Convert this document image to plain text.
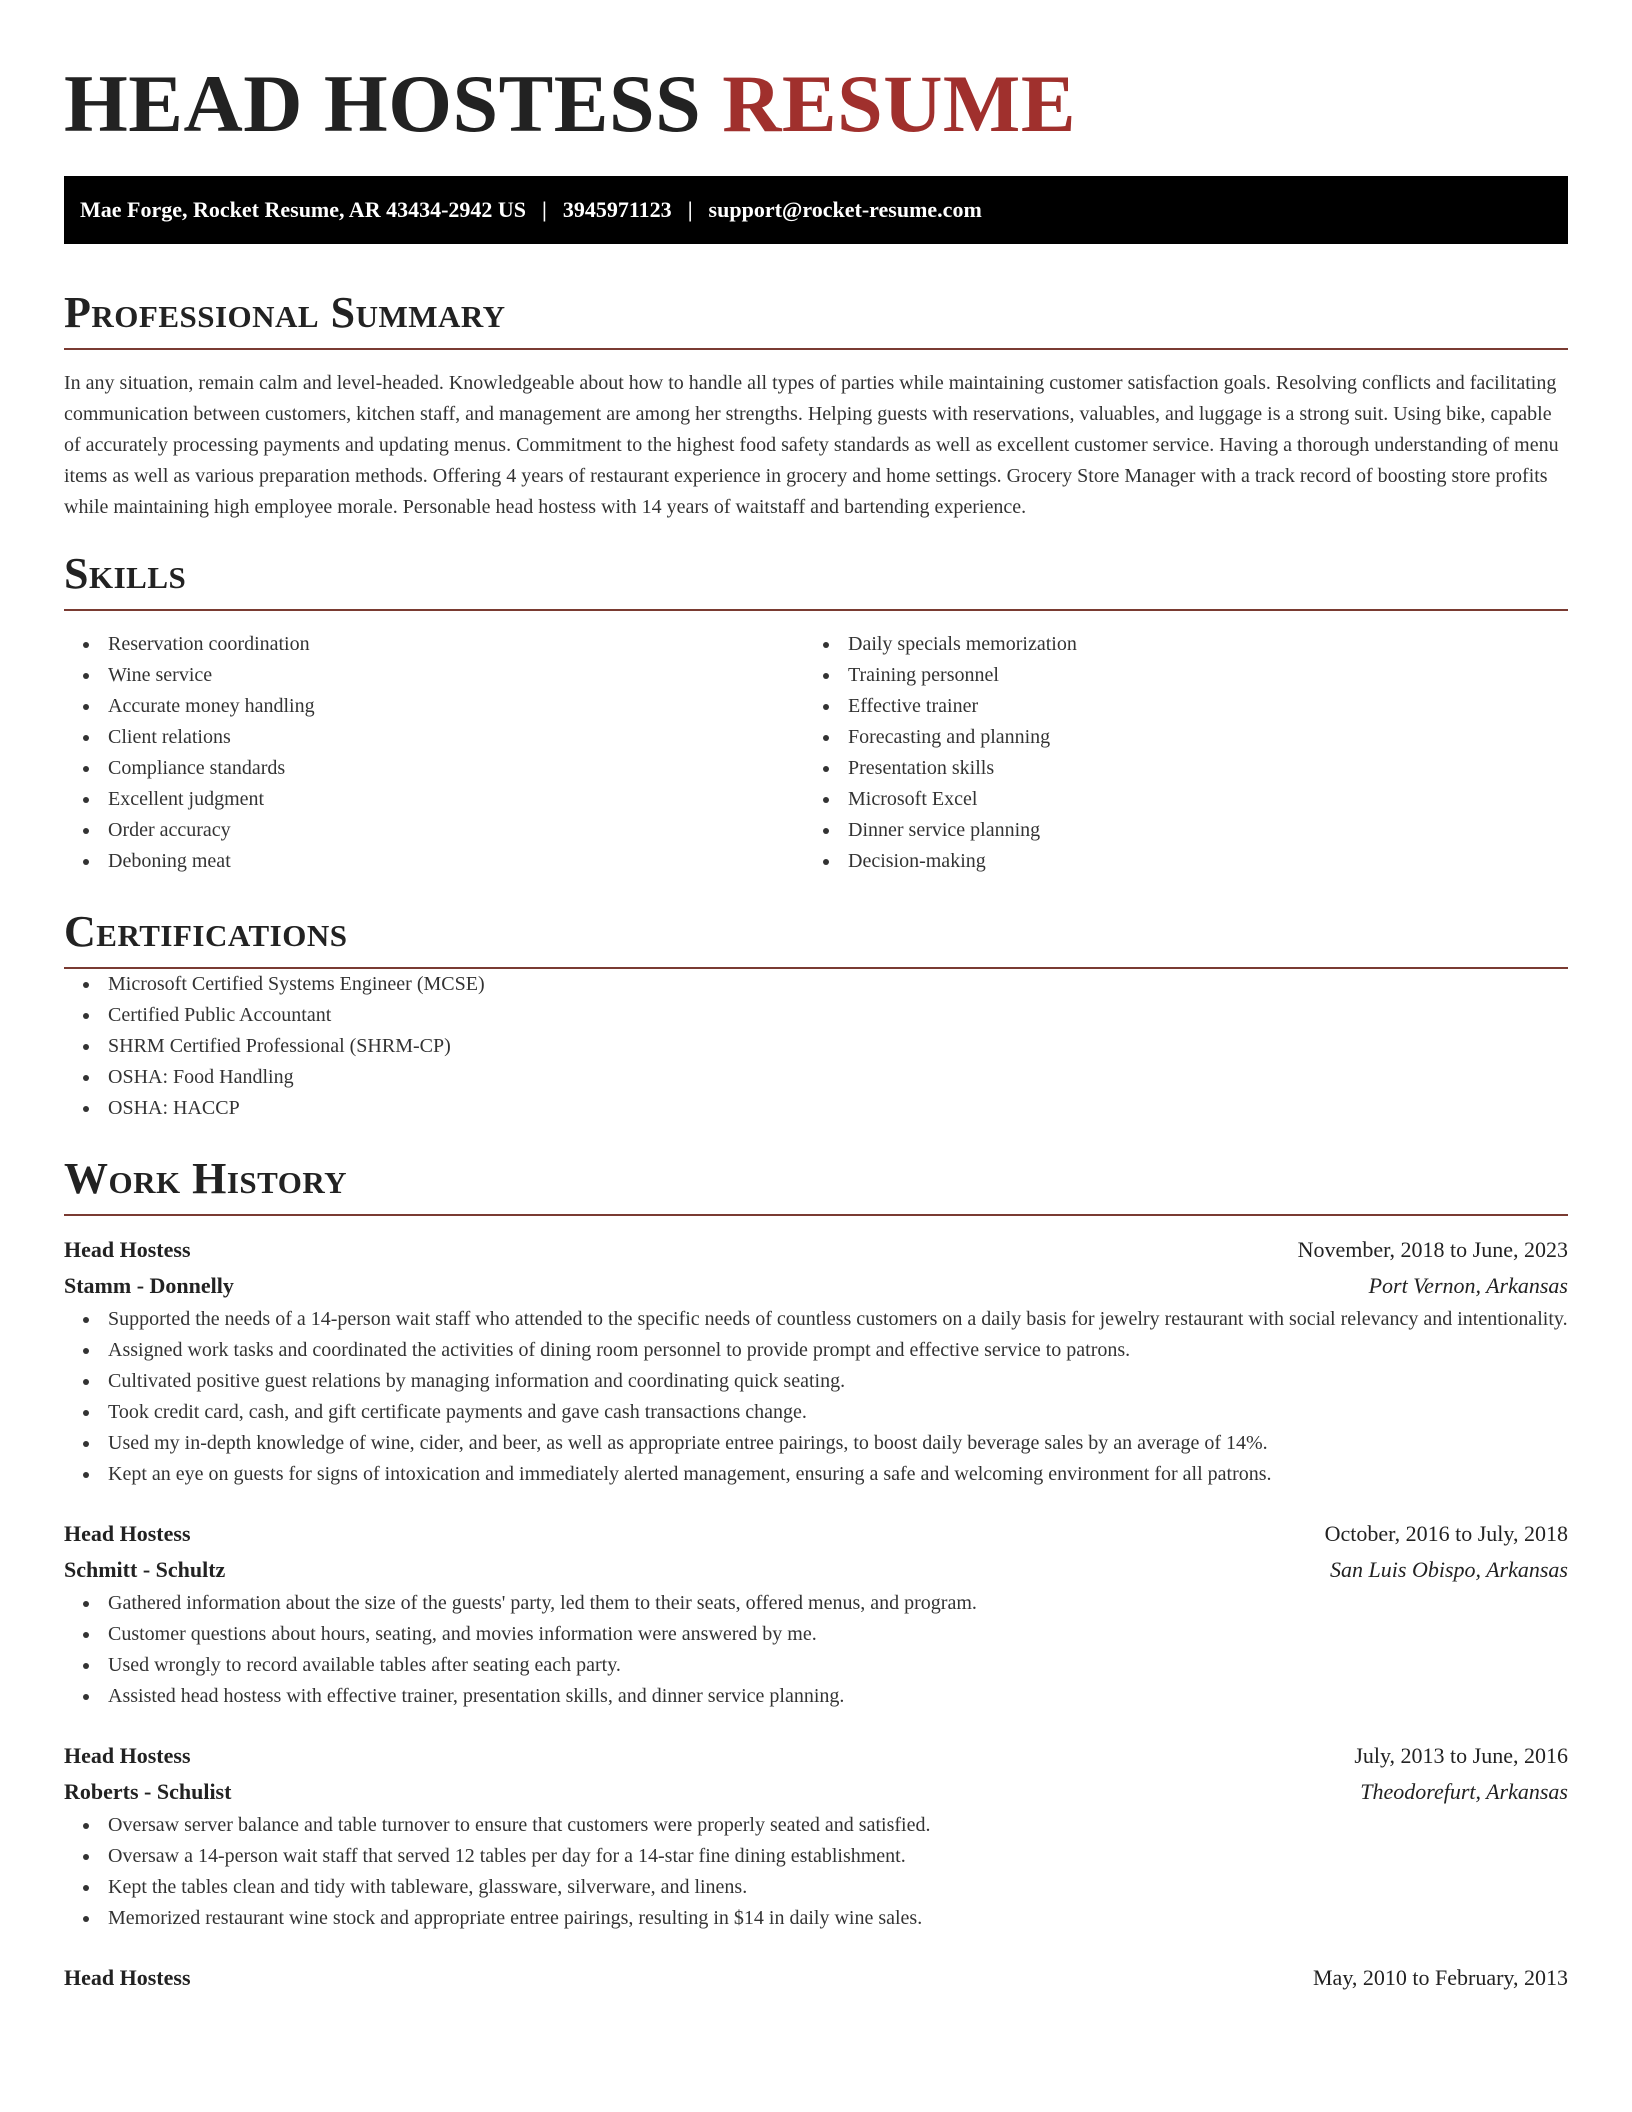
HEAD HOSTESS RESUME
Mae Forge, Rocket Resume, AR 43434-2942 US | 3945971123 | support@rocket-resume.com
Professional Summary

In any situation, remain calm and level-headed. Knowledgeable about how to handle all types of parties while maintaining customer satisfaction goals. Resolving conflicts and facilitating communication between customers, kitchen staff, and management are among her strengths. Helping guests with reservations, valuables, and luggage is a strong suit. Using bike, capable of accurately processing payments and updating menus. Commitment to the highest food safety standards as well as excellent customer service. Having a thorough understanding of menu items as well as various preparation methods. Offering 4 years of restaurant experience in grocery and home settings. Grocery Store Manager with a track record of boosting store profits while maintaining high employee morale. Personable head hostess with 14 years of waitstaff and bartending experience.

Skills
Reservation coordination
Wine service
Accurate money handling
Client relations
Compliance standards
Excellent judgment
Order accuracy
Deboning meat
Daily specials memorization
Training personnel
Effective trainer
Forecasting and planning
Presentation skills
Microsoft Excel
Dinner service planning
Decision-making
Certifications
Microsoft Certified Systems Engineer (MCSE)
Certified Public Accountant
SHRM Certified Professional (SHRM-CP)
OSHA: Food Handling
OSHA: HACCP
Work History
Head Hostess	November, 2018 to June, 2023
Stamm - Donnelly	Port Vernon, Arkansas
Supported the needs of a 14-person wait staff who attended to the specific needs of countless customers on a daily basis for jewelry restaurant with social relevancy and intentionality.
Assigned work tasks and coordinated the activities of dining room personnel to provide prompt and effective service to patrons.
Cultivated positive guest relations by managing information and coordinating quick seating.
Took credit card, cash, and gift certificate payments and gave cash transactions change.
Used my in-depth knowledge of wine, cider, and beer, as well as appropriate entree pairings, to boost daily beverage sales by an average of 14%.
Kept an eye on guests for signs of intoxication and immediately alerted management, ensuring a safe and welcoming environment for all patrons.
Head Hostess	October, 2016 to July, 2018
Schmitt - Schultz	San Luis Obispo, Arkansas
Gathered information about the size of the guests' party, led them to their seats, offered menus, and program.
Customer questions about hours, seating, and movies information were answered by me.
Used wrongly to record available tables after seating each party.
Assisted head hostess with effective trainer, presentation skills, and dinner service planning.
Head Hostess	July, 2013 to June, 2016
Roberts - Schulist	Theodorefurt, Arkansas
Oversaw server balance and table turnover to ensure that customers were properly seated and satisfied.
Oversaw a 14-person wait staff that served 12 tables per day for a 14-star fine dining establishment.
Kept the tables clean and tidy with tableware, glassware, silverware, and linens.
Memorized restaurant wine stock and appropriate entree pairings, resulting in $14 in daily wine sales.
Head Hostess	May, 2010 to February, 2013
